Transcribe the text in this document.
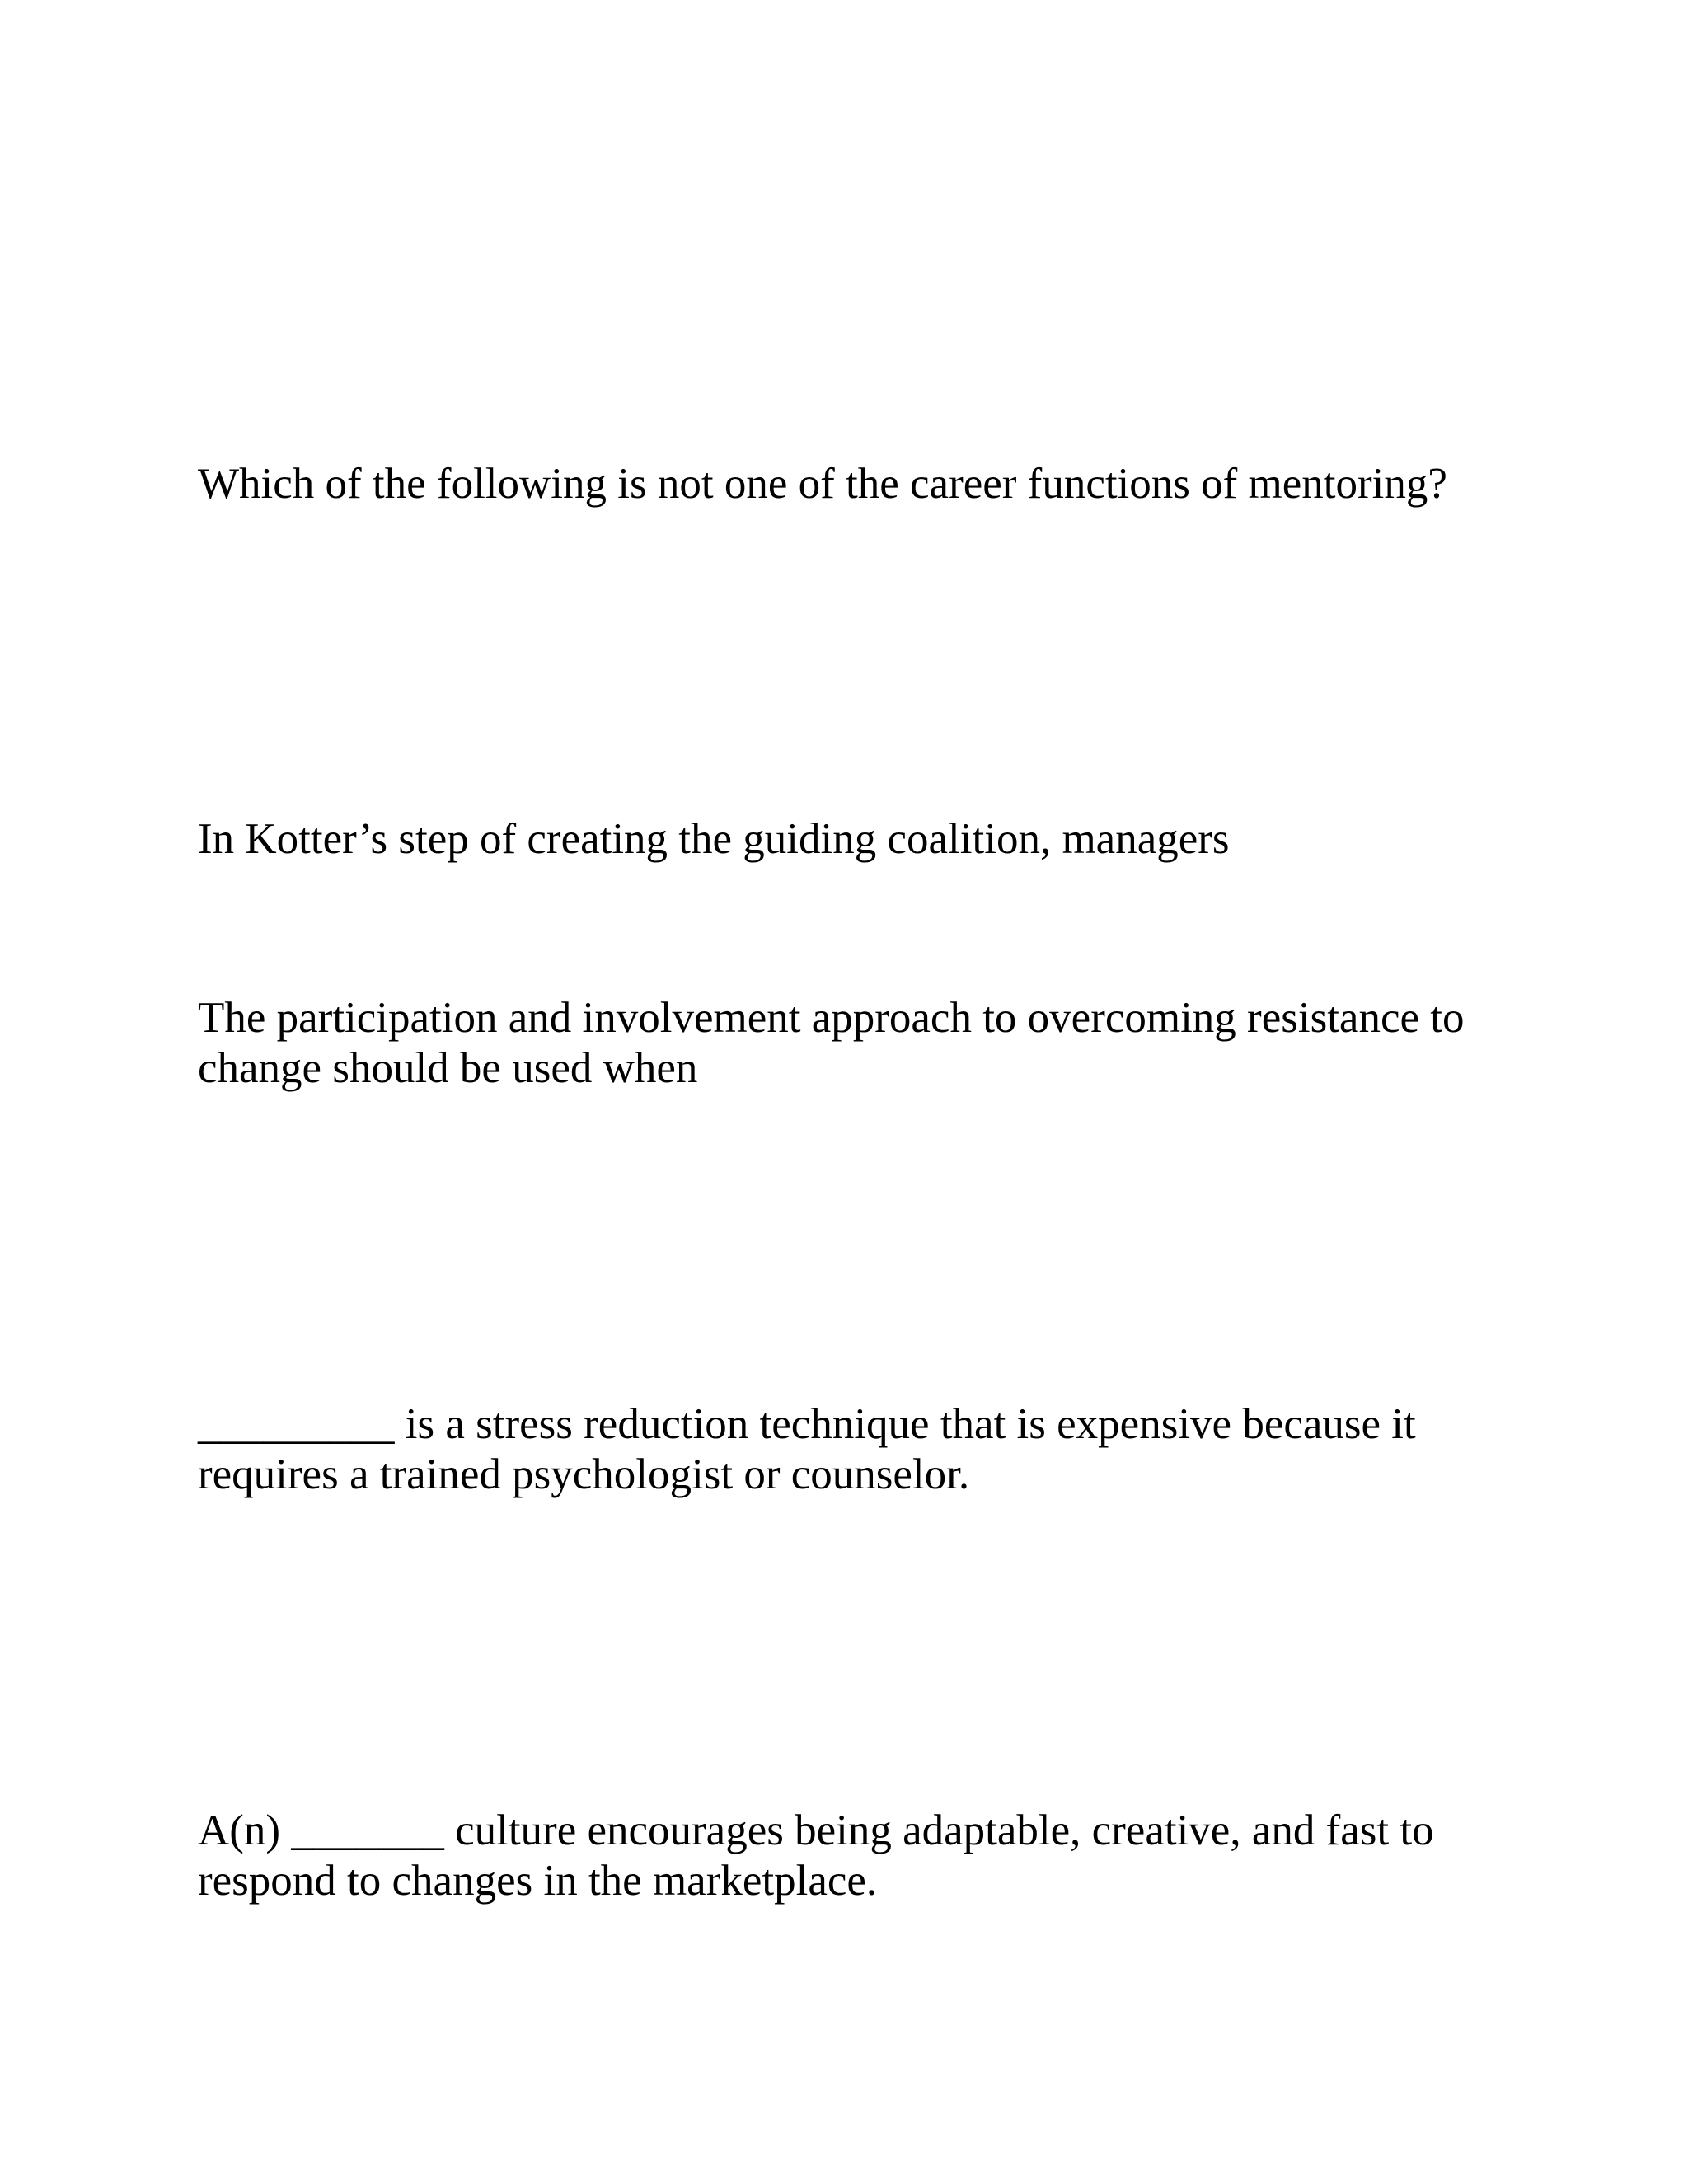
Which of the following is not one of the career functions of mentoring?

In Kotter’s step of creating the guiding coalition, managers

The participation and involvement approach to overcoming resistance to
change should be used when

_________ is a stress reduction technique that is expensive because it
requires a trained psychologist or counselor.

A(n) _______ culture encourages being adaptable, creative, and fast to
respond to changes in the marketplace.
